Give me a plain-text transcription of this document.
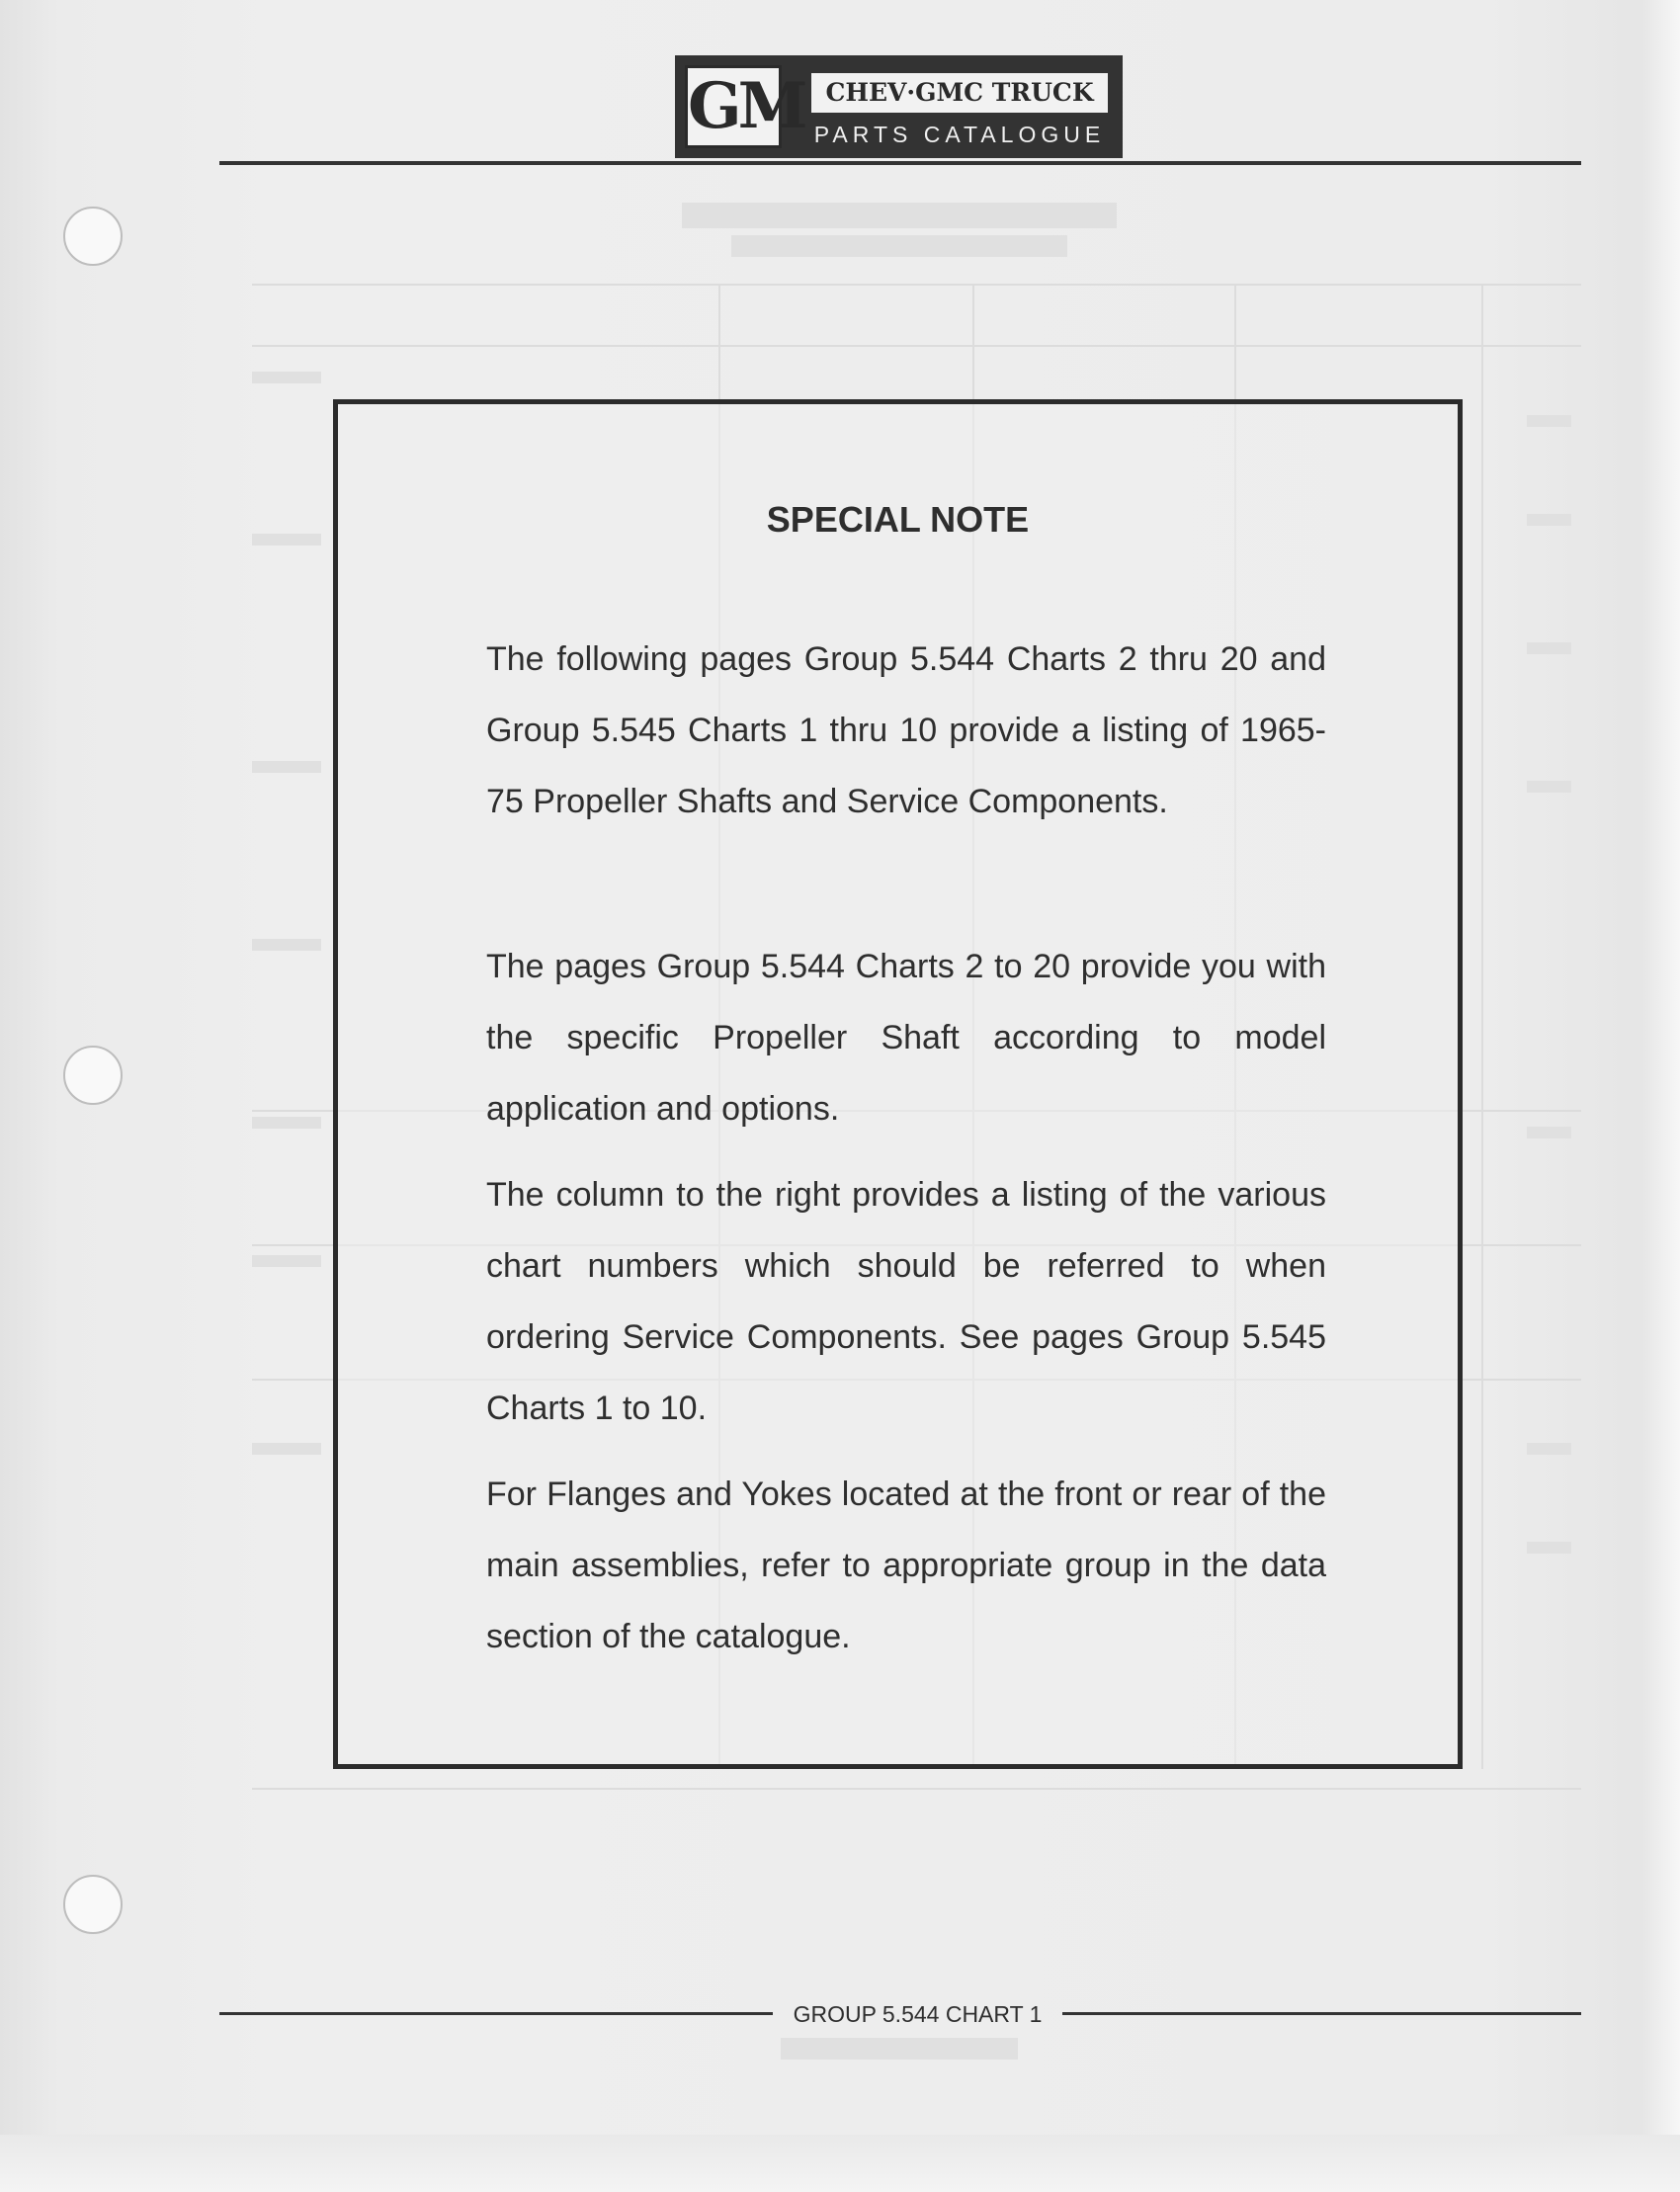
GM CHEV·GMC TRUCK
PARTS CATALOGUE
SPECIAL NOTE

The following pages Group 5.544 Charts 2 thru 20 and Group 5.545 Charts 1 thru 10 provide a listing of 1965-75 Propeller Shafts and Service Components.

The pages Group 5.544 Charts 2 to 20 provide you with the specific Propeller Shaft according to model application and options.

The column to the right provides a listing of the various chart numbers which should be referred to when ordering Service Components. See pages Group 5.545 Charts 1 to 10.

For Flanges and Yokes located at the front or rear of the main assemblies, refer to appropriate group in the data section of the catalogue.

GROUP 5.544 CHART 1
